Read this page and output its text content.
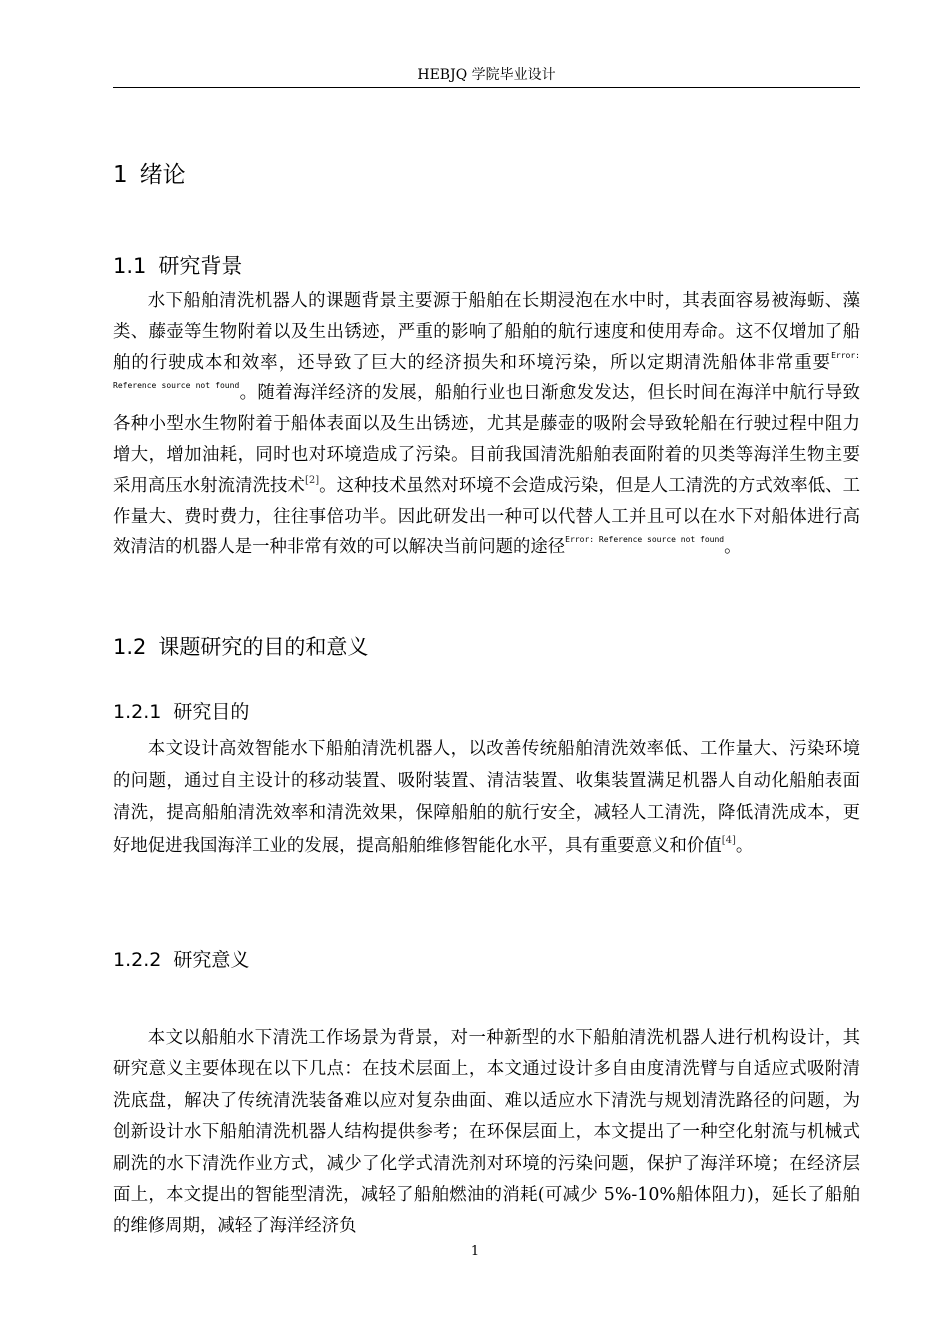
HEBJQ 学院毕业设计
1 绪论
1.1 研究背景

水下船舶清洗机器人的课题背景主要源于船舶在长期浸泡在水中时，其表面容易被海蛎、藻类、藤壶等生物附着以及生出锈迹，严重的影响了船舶的航行速度和使用寿命。这不仅增加了船舶的行驶成本和效率，还导致了巨大的经济损失和环境污染，所以定期清洗船体非常重要$^{Error: Reference source not found}$。随着海洋经济的发展，船舶行业也日渐愈发发达，但长时间在海洋中航行导致各种小型水生物附着于船体表面以及生出锈迹，尤其是藤壶的吸附会导致轮船在行驶过程中阻力增大，增加油耗，同时也对环境造成了污染。目前我国清洗船舶表面附着的贝类等海洋生物主要采用高压水射流清洗技术[2]。这种技术虽然对环境不会造成污染，但是人工清洗的方式效率低、工作量大、费时费力，往往事倍功半。因此研发出一种可以代替人工并且可以在水下对船体进行高效清洁的机器人是一种非常有效的可以解决当前问题的途径$^{Error: Reference source not found}$。

1.2 课题研究的目的和意义
1.2.1 研究目的

本文设计高效智能水下船舶清洗机器人，以改善传统船舶清洗效率低、工作量大、污染环境的问题，通过自主设计的移动装置、吸附装置、清洁装置、收集装置满足机器人自动化船舶表面清洗，提高船舶清洗效率和清洗效果，保障船舶的航行安全，减轻人工清洗，降低清洗成本，更好地促进我国海洋工业的发展，提高船舶维修智能化水平，具有重要意义和价值[4]。

1.2.2 研究意义

本文以船舶水下清洗工作场景为背景，对一种新型的水下船舶清洗机器人进行机构设计，其研究意义主要体现在以下几点：在技术层面上，本文通过设计多自由度清洗臂与自适应式吸附清洗底盘，解决了传统清洗装备难以应对复杂曲面、难以适应水下清洗与规划清洗路径的问题，为创新设计水下船舶清洗机器人结构提供参考；在环保层面上，本文提出了一种空化射流与机械式刷洗的水下清洗作业方式，减少了化学式清洗剂对环境的污染问题，保护了海洋环境；在经济层面上，本文提出的智能型清洗，减轻了船舶燃油的消耗(可减少 5%-10%船体阻力)，延长了船舶的维修周期，减轻了海洋经济负

1
